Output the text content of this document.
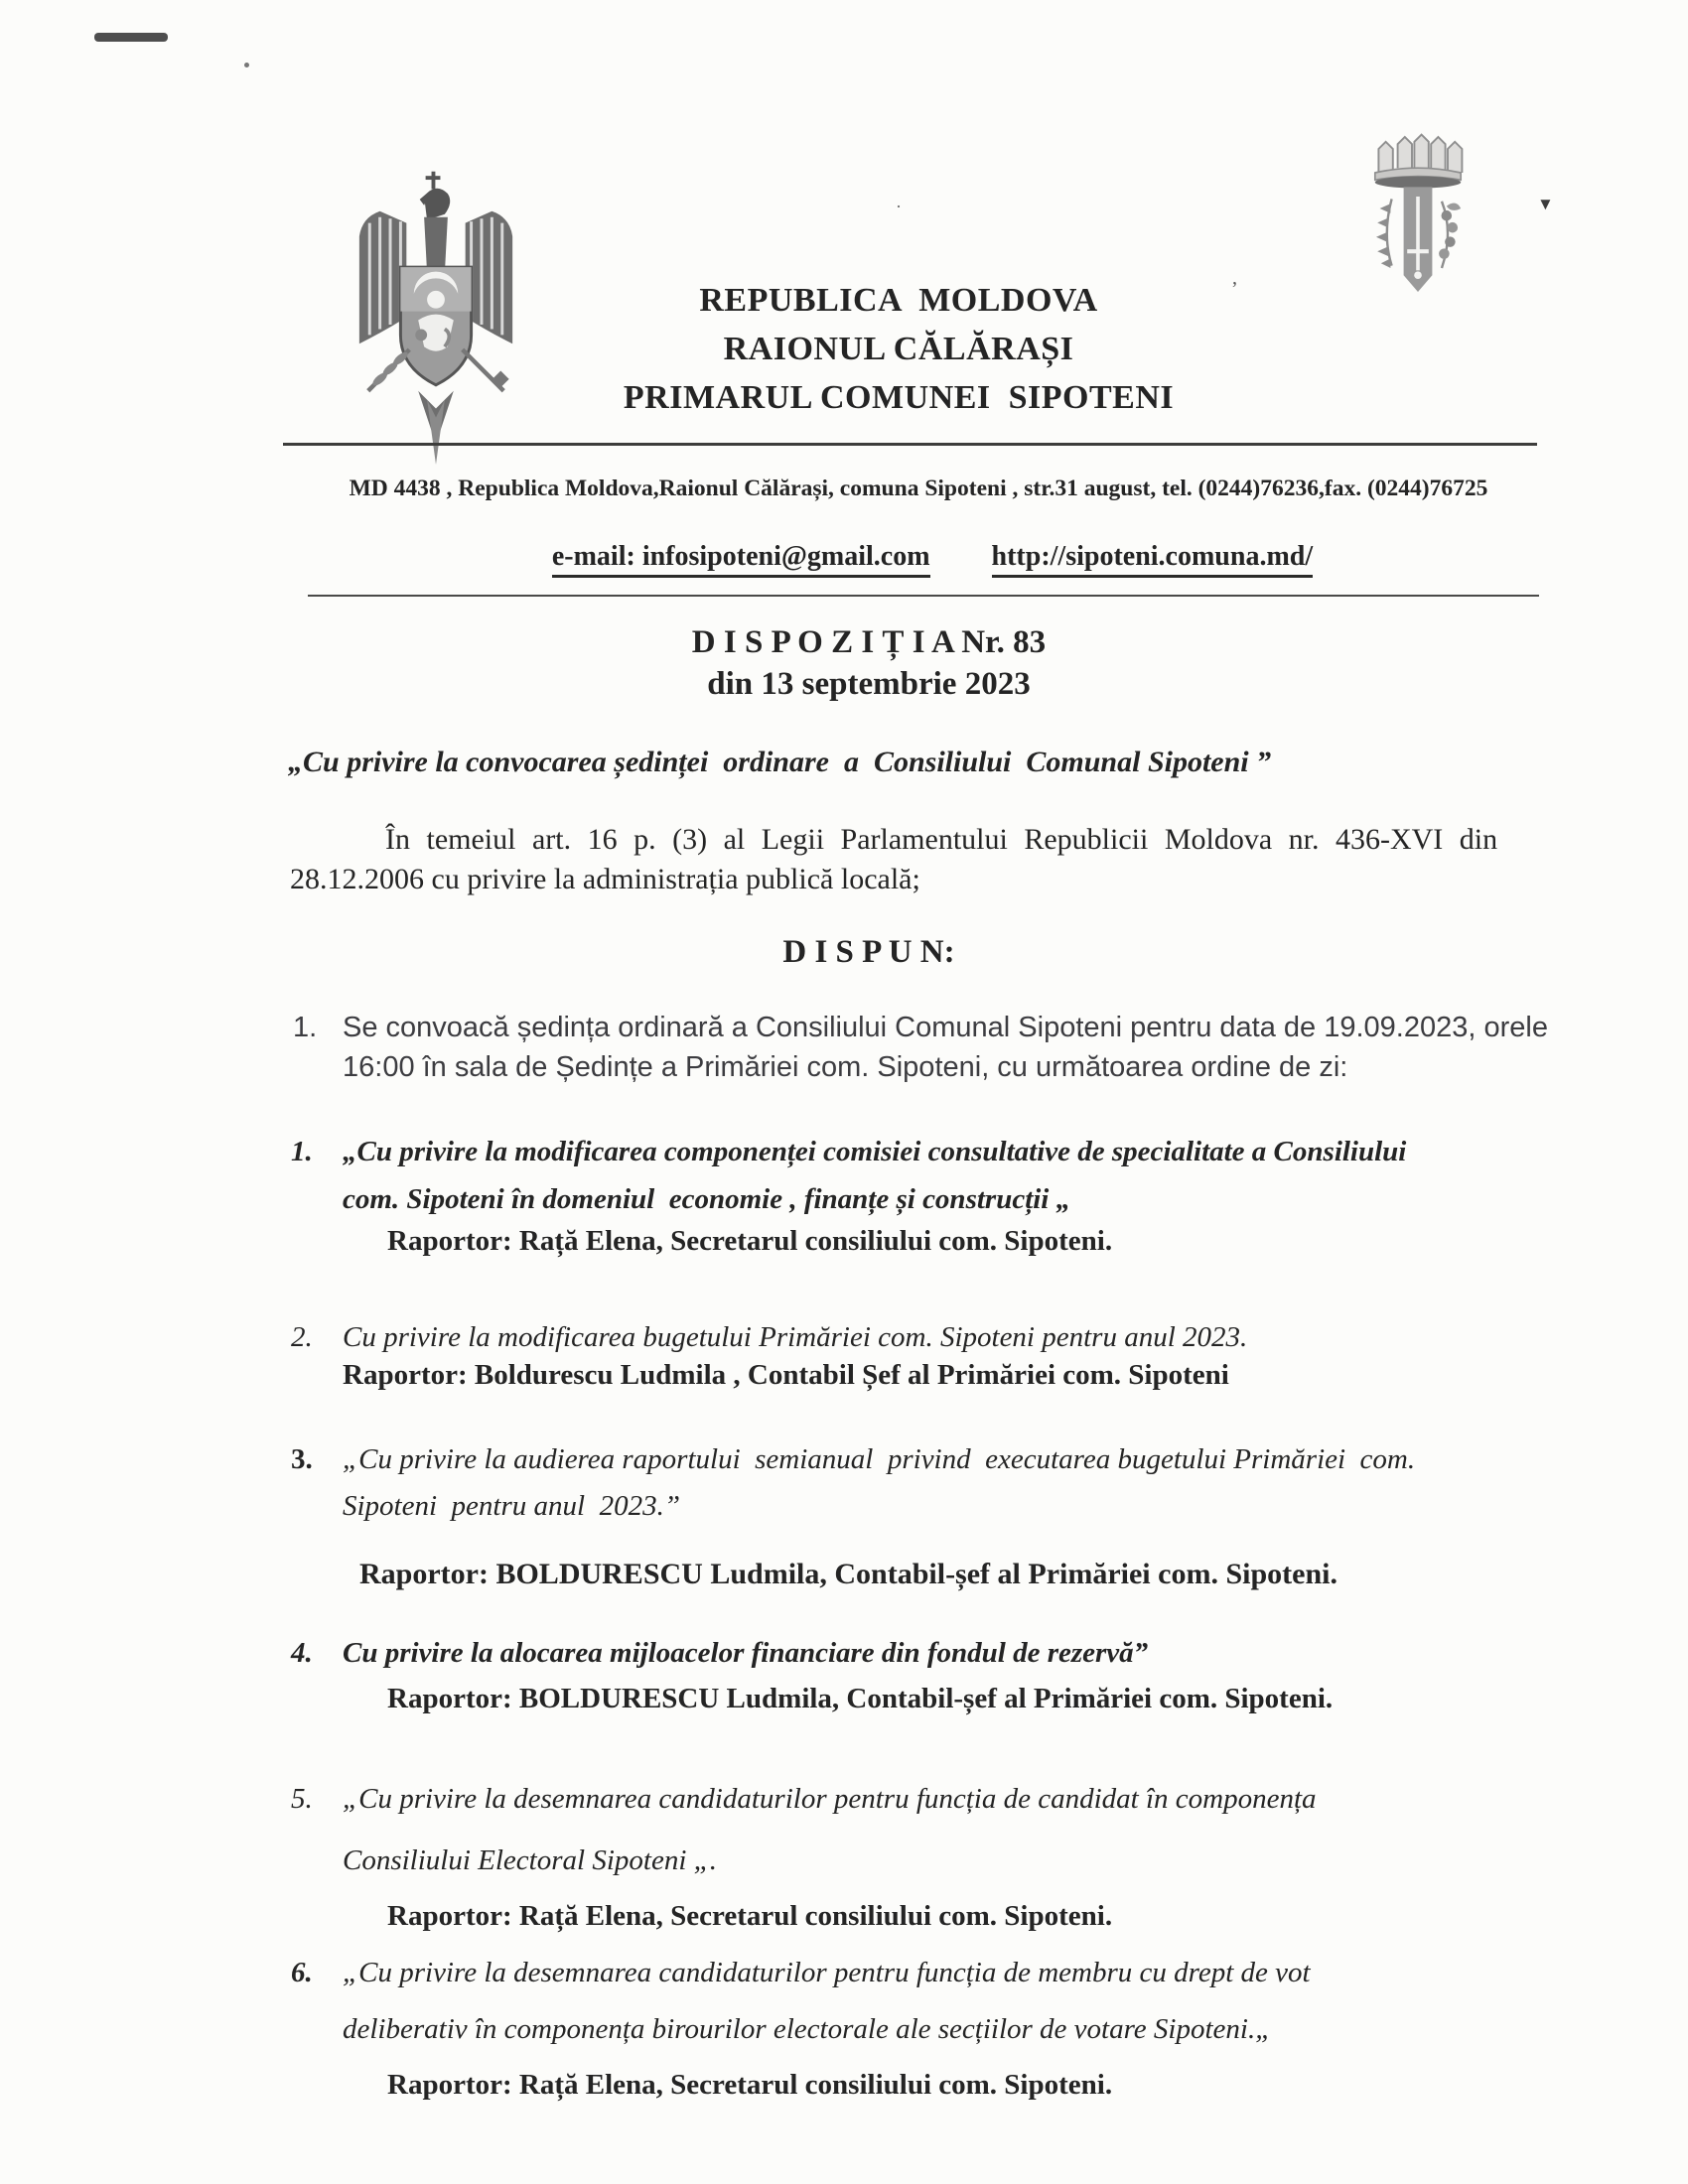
’
·	▼
REPUBLICA  MOLDOVA
RAIONUL CĂLĂRAȘI
PRIMARUL COMUNEI  SIPOTENI
MD 4438 , Republica Moldova,Raionul Călărași, comuna Sipoteni , str.31 august, tel. (0244)76236,fax. (0244)76725

e-mail: infosipoteni@gmail.com http://sipoteni.comuna.md/

D I S P O Z I Ț I A Nr. 83
din 13 septembrie 2023
„Cu privire la convocarea ședinței  ordinare  a  Consiliului  Comunal Sipoteni ”
În temeiul art. 16 p. (3) al Legii Parlamentului Republicii Moldova nr. 436-XVI din
28.12.2006 cu privire la administrația publică locală;
D I S P U N:
1. Se convoacă ședința ordinară a Consiliului Comunal Sipoteni pentru data de 19.09.2023, orele
16:00 în sala de Ședințe a Primăriei com. Sipoteni, cu următoarea ordine de zi:
1. „Cu privire la modificarea componenței comisiei consultative de specialitate a Consiliului
com. Sipoteni în domeniul  economie , finanțe și construcții „
Raportor: Rață Elena, Secretarul consiliului com. Sipoteni.
2. Cu privire la modificarea bugetului Primăriei com. Sipoteni pentru anul 2023.
Raportor: Boldurescu Ludmila , Contabil Șef al Primăriei com. Sipoteni
3. „Cu privire la audierea raportului  semianual  privind  executarea bugetului Primăriei  com.
Sipoteni  pentru anul  2023.”
Raportor: BOLDURESCU Ludmila, Contabil-șef al Primăriei com. Sipoteni.
4. Cu privire la alocarea mijloacelor financiare din fondul de rezervă”
Raportor: BOLDURESCU Ludmila, Contabil-șef al Primăriei com. Sipoteni.
5. „Cu privire la desemnarea candidaturilor pentru funcția de candidat în componența
Consiliului Electoral Sipoteni „.
Raportor: Rață Elena, Secretarul consiliului com. Sipoteni.
6. „Cu privire la desemnarea candidaturilor pentru funcția de membru cu drept de vot
deliberativ în componența birourilor electorale ale secțiilor de votare Sipoteni.„
Raportor: Rață Elena, Secretarul consiliului com. Sipoteni.
